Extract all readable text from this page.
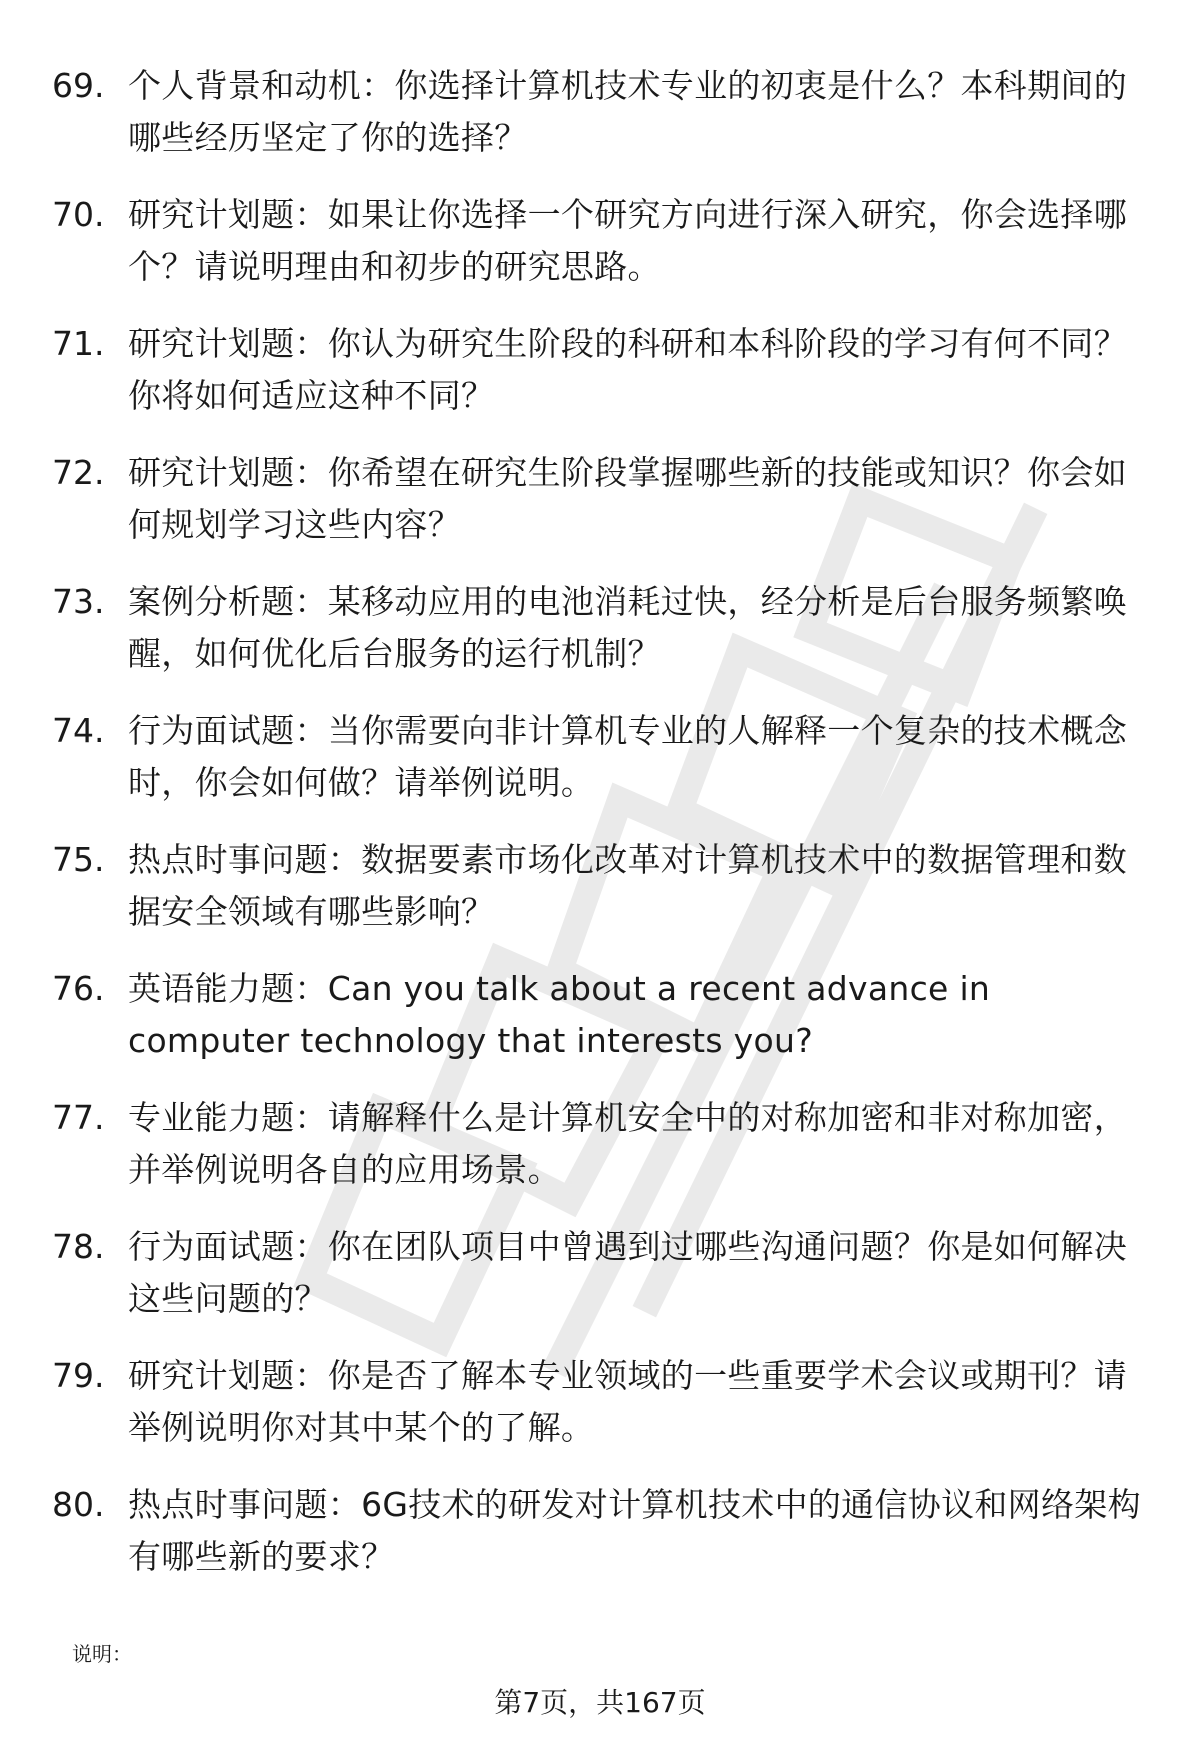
69. 个人背景和动机：你选择计算机技术专业的初衷是什么？本科期间的哪些经历坚定了你的选择？
70. 研究计划题：如果让你选择一个研究方向进行深入研究，你会选择哪个？请说明理由和初步的研究思路。
71. 研究计划题：你认为研究生阶段的科研和本科阶段的学习有何不同？你将如何适应这种不同？
72. 研究计划题：你希望在研究生阶段掌握哪些新的技能或知识？你会如何规划学习这些内容？
73. 案例分析题：某移动应用的电池消耗过快，经分析是后台服务频繁唤醒，如何优化后台服务的运行机制？
74. 行为面试题：当你需要向非计算机专业的人解释一个复杂的技术概念时，你会如何做？请举例说明。
75. 热点时事问题：数据要素市场化改革对计算机技术中的数据管理和数据安全领域有哪些影响？
76. 英语能力题：Can you talk about a recent advance in computer technology that interests you?
77. 专业能力题：请解释什么是计算机安全中的对称加密和非对称加密，并举例说明各自的应用场景。
78. 行为面试题：你在团队项目中曾遇到过哪些沟通问题？你是如何解决这些问题的？
79. 研究计划题：你是否了解本专业领域的一些重要学术会议或期刊？请举例说明你对其中某个的了解。
80. 热点时事问题：6G技术的研发对计算机技术中的通信协议和网络架构有哪些新的要求？
说明：
第7页，共167页
